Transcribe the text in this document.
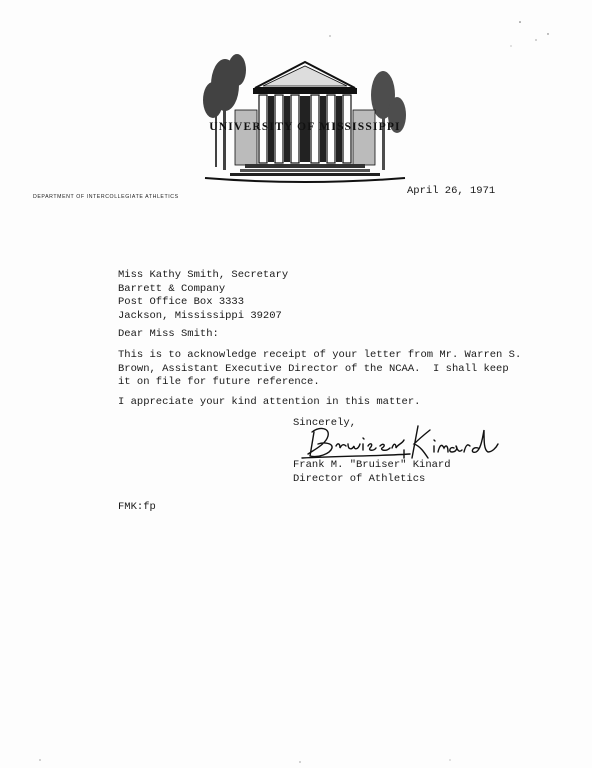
UNIVERSITY OF MISSISSIPPI
DEPARTMENT OF INTERCOLLEGIATE ATHLETICS	April 26, 1971
Miss Kathy Smith, Secretary
Barrett & Company
Post Office Box 3333
Jackson, Mississippi 39207
Dear Miss Smith:
This is to acknowledge receipt of your letter from Mr. Warren S.
Brown, Assistant Executive Director of the NCAA.  I shall keep
it on file for future reference.
I appreciate your kind attention in this matter.
Sincerely,
Frank M. "Bruiser" Kinard
Director of Athletics
FMK:fp
